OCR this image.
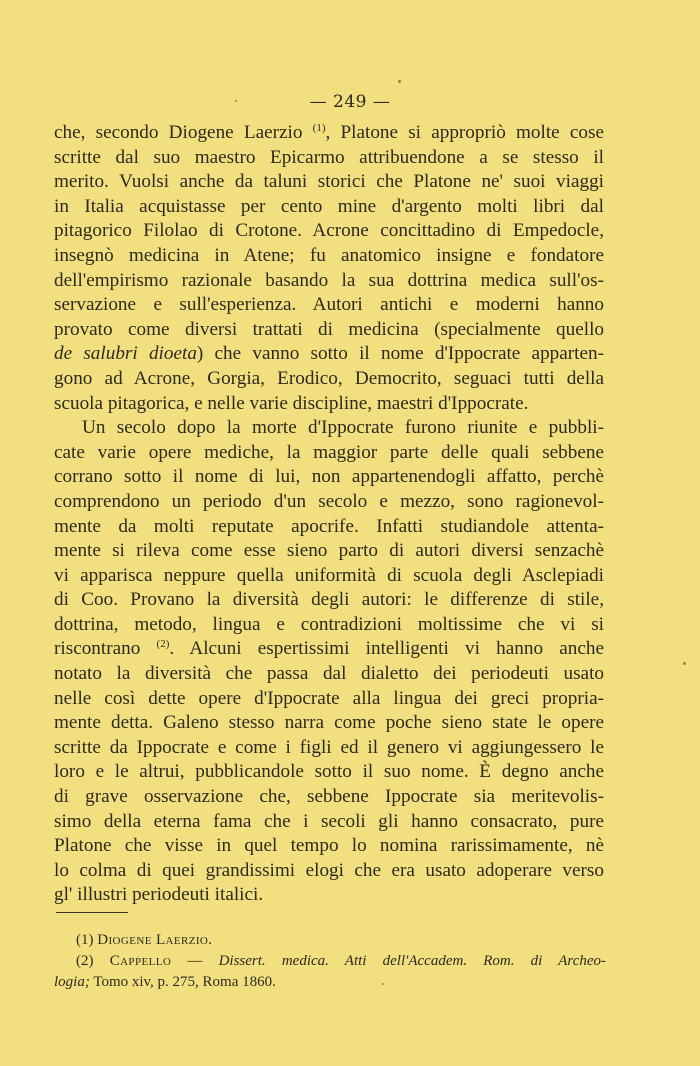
— 249 —
che, secondo Diogene Laerzio $^{(1)}$, Platone si appropriò molte cose
scritte dal suo maestro Epicarmo attribuendone a se stesso il
merito. Vuolsi anche da taluni storici che Platone ne' suoi viaggi
in Italia acquistasse per cento mine d'argento molti libri dal
pitagorico Filolao di Crotone. Acrone concittadino di Empedocle,
insegnò medicina in Atene; fu anatomico insigne e fondatore
dell'empirismo razionale basando la sua dottrina medica sull'os-
servazione e sull'esperienza. Autori antichi e moderni hanno
provato come diversi trattati di medicina (specialmente quello
de salubri dioeta) che vanno sotto il nome d'Ippocrate apparten-
gono ad Acrone, Gorgia, Erodico, Democrito, seguaci tutti della
scuola pitagorica, e nelle varie discipline, maestri d'Ippocrate.
Un secolo dopo la morte d'Ippocrate furono riunite e pubbli-
cate varie opere mediche, la maggior parte delle quali sebbene
corrano sotto il nome di lui, non appartenendogli affatto, perchè
comprendono un periodo d'un secolo e mezzo, sono ragionevol-
mente da molti reputate apocrife. Infatti studiandole attenta-
mente si rileva come esse sieno parto di autori diversi senzachè
vi apparisca neppure quella uniformità di scuola degli Asclepiadi
di Coo. Provano la diversità degli autori: le differenze di stile,
dottrina, metodo, lingua e contradizioni moltissime che vi si
riscontrano $^{(2)}$. Alcuni espertissimi intelligenti vi hanno anche
notato la diversità che passa dal dialetto dei periodeuti usato
nelle così dette opere d'Ippocrate alla lingua dei greci propria-
mente detta. Galeno stesso narra come poche sieno state le opere
scritte da Ippocrate e come i figli ed il genero vi aggiungessero le
loro e le altrui, pubblicandole sotto il suo nome. È degno anche
di grave osservazione che, sebbene Ippocrate sia meritevolis-
simo della eterna fama che i secoli gli hanno consacrato, pure
Platone che visse in quel tempo lo nomina rarissimamente, nè
lo colma di quei grandissimi elogi che era usato adoperare verso
gl' illustri periodeuti italici.
(1) Diogene Laerzio.
(2) Cappello — Dissert. medica. Atti dell'Accadem. Rom. di Archeo-
logia; Tomo xiv, p. 275, Roma 1860.
